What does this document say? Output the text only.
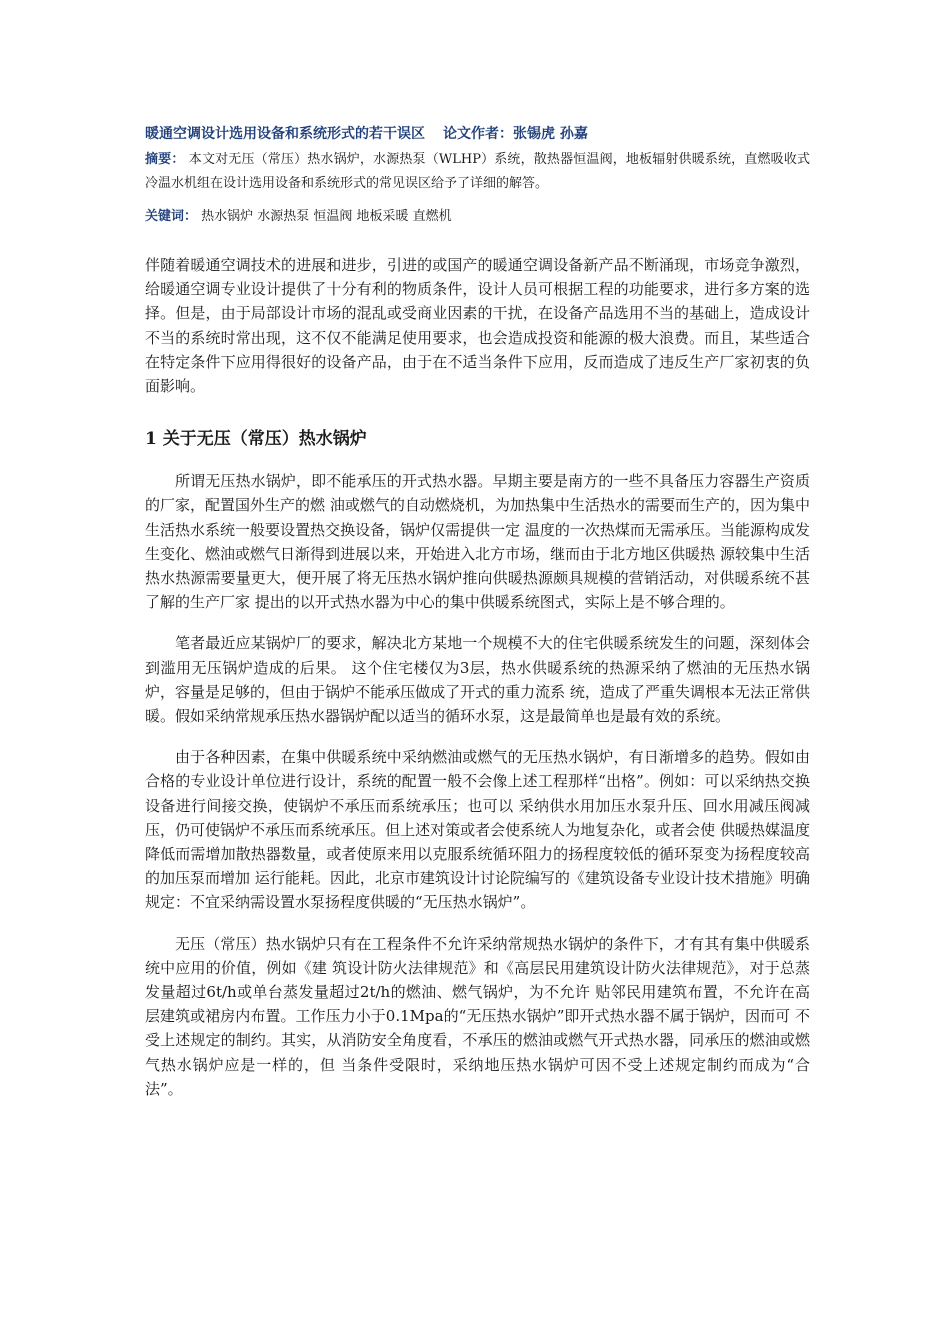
暖通空调设计选用设备和系统形式的若干误区 论文作者：张锡虎 孙嘉

摘要： 本文对无压（常压）热水锅炉，水源热泵（WLHP）系统，散热器恒温阀，地板辐射供暖系统，直燃吸收式冷温水机组在设计选用设备和系统形式的常见误区给予了详细的解答。

关键词： 热水锅炉 水源热泵 恒温阀 地板采暖 直燃机

伴随着暖通空调技术的进展和进步，引进的或国产的暖通空调设备新产品不断涌现，市场竞争激烈，给暖通空调专业设计提供了十分有利的物质条件，设计人员可根据工程的功能要求，进行多方案的选择。但是，由于局部设计市场的混乱或受商业因素的干扰，在设备产品选用不当的基础上，造成设计不当的系统时常出现，这不仅不能满足使用要求，也会造成投资和能源的极大浪费。而且，某些适合在特定条件下应用得很好的设备产品，由于在不适当条件下应用，反而造成了违反生产厂家初衷的负面影响。

1 关于无压（常压）热水锅炉

所谓无压热水锅炉，即不能承压的开式热水器。早期主要是南方的一些不具备压力容器生产资质的厂家，配置国外生产的燃 油或燃气的自动燃烧机，为加热集中生活热水的需要而生产的，因为集中生活热水系统一般要设置热交换设备，锅炉仅需提供一定 温度的一次热煤而无需承压。当能源构成发生变化、燃油或燃气日渐得到进展以来，开始进入北方市场，继而由于北方地区供暖热 源较集中生活热水热源需要量更大，便开展了将无压热水锅炉推向供暖热源颇具规模的营销活动，对供暖系统不甚了解的生产厂家 提出的以开式热水器为中心的集中供暖系统图式，实际上是不够合理的。

笔者最近应某锅炉厂的要求，解决北方某地一个规模不大的住宅供暖系统发生的问题，深刻体会到滥用无压锅炉造成的后果。 这个住宅楼仅为3层，热水供暖系统的热源采纳了燃油的无压热水锅炉，容量是足够的，但由于锅炉不能承压做成了开式的重力流系 统，造成了严重失调根本无法正常供暖。假如采纳常规承压热水器锅炉配以适当的循环水泵，这是最简单也是最有效的系统。

由于各种因素，在集中供暖系统中采纳燃油或燃气的无压热水锅炉，有日渐增多的趋势。假如由合格的专业设计单位进行设计，系统的配置一般不会像上述工程那样“出格”。例如：可以采纳热交换设备进行间接交换，使锅炉不承压而系统承压；也可以 采纳供水用加压水泵升压、回水用减压阀减压，仍可使锅炉不承压而系统承压。但上述对策或者会使系统人为地复杂化，或者会使 供暖热媒温度降低而需增加散热器数量，或者使原来用以克服系统循环阻力的扬程度较低的循环泵变为扬程度较高的加压泵而增加 运行能耗。因此，北京市建筑设计讨论院编写的《建筑设备专业设计技术措施》明确规定：不宜采纳需设置水泵扬程度供暖的“无压热水锅炉”。

无压（常压）热水锅炉只有在工程条件不允许采纳常规热水锅炉的条件下，才有其有集中供暖系统中应用的价值，例如《建 筑设计防火法律规范》和《高层民用建筑设计防火法律规范》，对于总蒸发量超过6t/h或单台蒸发量超过2t/h的燃油、燃气锅炉，为不允许 贴邻民用建筑布置，不允许在高层建筑或裙房内布置。工作压力小于0.1Mpa的“无压热水锅炉”即开式热水器不属于锅炉，因而可 不受上述规定的制约。其实，从消防安全角度看，不承压的燃油或燃气开式热水器，同承压的燃油或燃气热水锅炉应是一样的，但 当条件受限时，采纳地压热水锅炉可因不受上述规定制约而成为“合法”。
